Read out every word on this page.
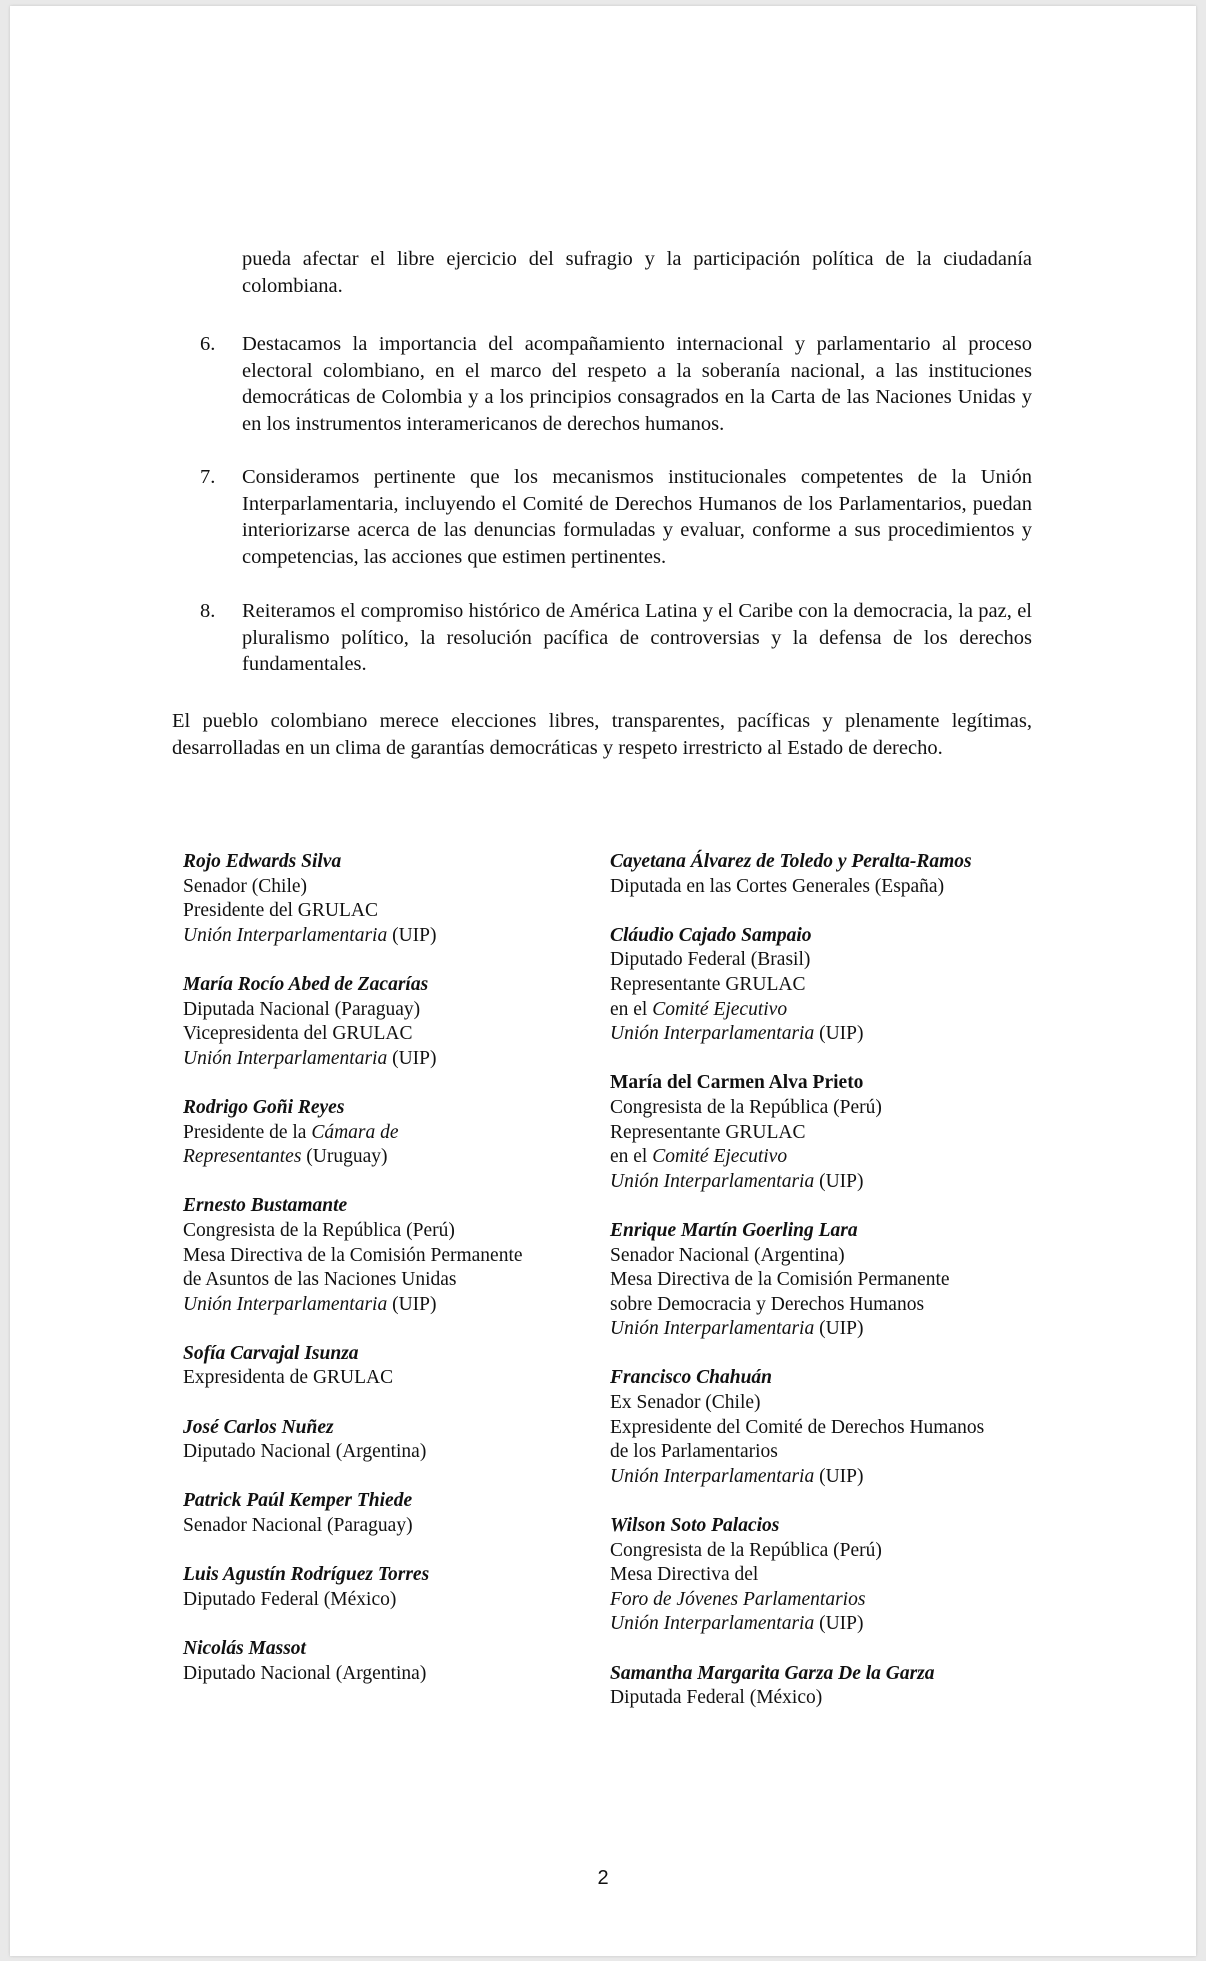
pueda afectar el libre ejercicio del sufragio y la participación política de la ciudadanía colombiana.
6.	Destacamos la importancia del acompañamiento internacional y parlamentario al proceso electoral colombiano, en el marco del respeto a la soberanía nacional, a las instituciones democráticas de Colombia y a los principios consagrados en la Carta de las Naciones Unidas y en los instrumentos interamericanos de derechos humanos.
7.	Consideramos pertinente que los mecanismos institucionales competentes de la Unión Interparlamentaria, incluyendo el Comité de Derechos Humanos de los Parlamentarios, puedan interiorizarse acerca de las denuncias formuladas y evaluar, conforme a sus procedimientos y competencias, las acciones que estimen pertinentes.
8.	Reiteramos el compromiso histórico de América Latina y el Caribe con la democracia, la paz, el pluralismo político, la resolución pacífica de controversias y la defensa de los derechos fundamentales.
El pueblo colombiano merece elecciones libres, transparentes, pacíficas y plenamente legítimas, desarrolladas en un clima de garantías democráticas y respeto irrestricto al Estado de derecho.
Rojo Edwards Silva
Senador (Chile)
Presidente del GRULAC
Unión Interparlamentaria (UIP)
María Rocío Abed de Zacarías
Diputada Nacional (Paraguay)
Vicepresidenta del GRULAC
Unión Interparlamentaria (UIP)
Rodrigo Goñi Reyes
Presidente de la Cámara de
Representantes (Uruguay)
Ernesto Bustamante
Congresista de la República (Perú)
Mesa Directiva de la Comisión Permanente
de Asuntos de las Naciones Unidas
Unión Interparlamentaria (UIP)
Sofía Carvajal Isunza
Expresidenta de GRULAC
José Carlos Nuñez
Diputado Nacional (Argentina)
Patrick Paúl Kemper Thiede
Senador Nacional (Paraguay)
Luis Agustín Rodríguez Torres
Diputado Federal (México)
Nicolás Massot
Diputado Nacional (Argentina)
Cayetana Álvarez de Toledo y Peralta-Ramos
Diputada en las Cortes Generales (España)
Cláudio Cajado Sampaio
Diputado Federal (Brasil)
Representante GRULAC
en el Comité Ejecutivo
Unión Interparlamentaria (UIP)
María del Carmen Alva Prieto
Congresista de la República (Perú)
Representante GRULAC
en el Comité Ejecutivo
Unión Interparlamentaria (UIP)
Enrique Martín Goerling Lara
Senador Nacional (Argentina)
Mesa Directiva de la Comisión Permanente
sobre Democracia y Derechos Humanos
Unión Interparlamentaria (UIP)
Francisco Chahuán
Ex Senador (Chile)
Expresidente del Comité de Derechos Humanos
de los Parlamentarios
Unión Interparlamentaria (UIP)
Wilson Soto Palacios
Congresista de la República (Perú)
Mesa Directiva del
Foro de Jóvenes Parlamentarios
Unión Interparlamentaria (UIP)
Samantha Margarita Garza De la Garza
Diputada Federal (México)
2
